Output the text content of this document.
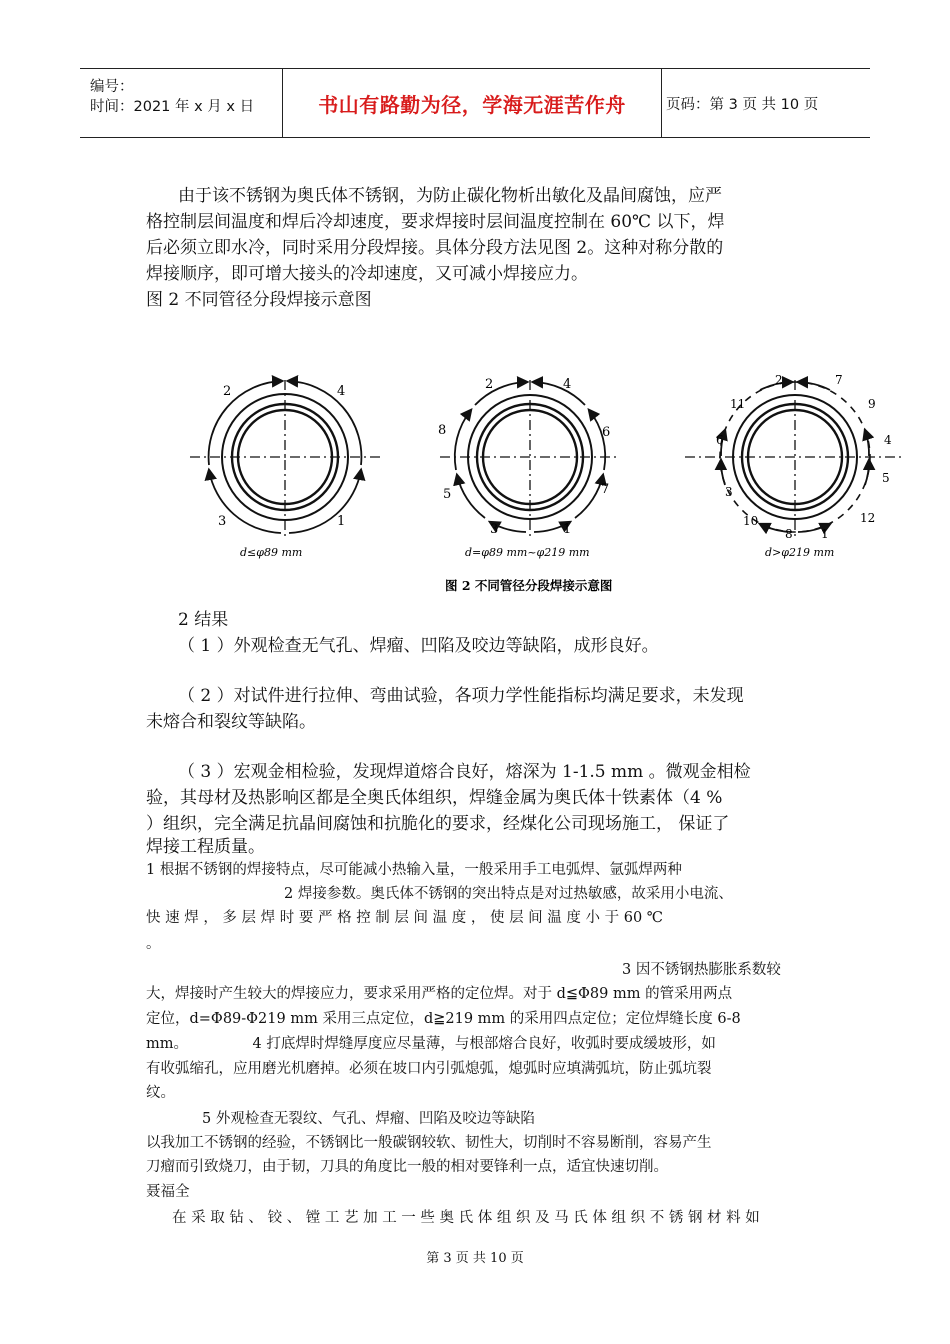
编号：
时间：2021 年 x 月 x 日	书山有路勤为径，学海无涯苦作舟	页码：第 3 页 共 10 页

由于该不锈钢为奥氏体不锈钢，为防止碳化物析出敏化及晶间腐蚀，应严

格控制层间温度和焊后冷却速度，要求焊接时层间温度控制在 60℃ 以下，焊

后必须立即水冷，同时采用分段焊接。具体分段方法见图 2。这种对称分散的

焊接顺序，即可增大接头的冷却速度，又可减小焊接应力。

图 2 不同管径分段焊接示意图

2	4
3	1
d≤φ89 mm
2	4
8	6
5	7
3	1
d=φ89 mm~φ219 mm
2	7
11	9
6	4
5
3
10	12
8 1
d>φ219 mm
图 2 不同管径分段焊接示意图

2 结果

（ 1 ）外观检查无气孔、焊瘤、凹陷及咬边等缺陷，成形良好。

（ 2 ）对试件进行拉伸、弯曲试验，各项力学性能指标均满足要求，未发现

未熔合和裂纹等缺陷。

（ 3 ）宏观金相检验，发现焊道熔合良好，熔深为 1-1.5 mm 。微观金相检

验，其母材及热影响区都是全奥氏体组织，焊缝金属为奥氏体十铁素体（4 %

）组织，完全满足抗晶间腐蚀和抗脆化的要求，经煤化公司现场施工， 保证了

焊接工程质量。

1 根据不锈钢的焊接特点，尽可能减小热输入量，一般采用手工电弧焊、氩弧焊两种

2 焊接参数。奥氏体不锈钢的突出特点是对过热敏感，故采用小电流、

快 速 焊 ， 多 层 焊 时 要 严 格 控 制 层 间 温 度 ， 使 层 间 温 度 小 于 60 ℃

。

3 因不锈钢热膨胀系数较

大，焊接时产生较大的焊接应力，要求采用严格的定位焊。对于 d≦Φ89 mm 的管采用两点

定位，d=Φ89-Φ219 mm 采用三点定位，d≧219 mm 的采用四点定位；定位焊缝长度 6-8

mm。              4 打底焊时焊缝厚度应尽量薄，与根部熔合良好，收弧时要成缓坡形，如

有收弧缩孔，应用磨光机磨掉。必须在坡口内引弧熄弧，熄弧时应填满弧坑，防止弧坑裂

纹。

5 外观检查无裂纹、气孔、焊瘤、凹陷及咬边等缺陷

以我加工不锈钢的经验，不锈钢比一般碳钢较软、韧性大，切削时不容易断削，容易产生

刀瘤而引致烧刀，由于韧，刀具的角度比一般的相对要锋利一点，适宜快速切削。

聂福全

在 采 取 钻 、 铰 、 镗 工 艺 加 工 一 些 奥 氏 体 组 织 及 马 氏 体 组 织 不 锈 钢 材 料 如

第 3 页 共 10 页
